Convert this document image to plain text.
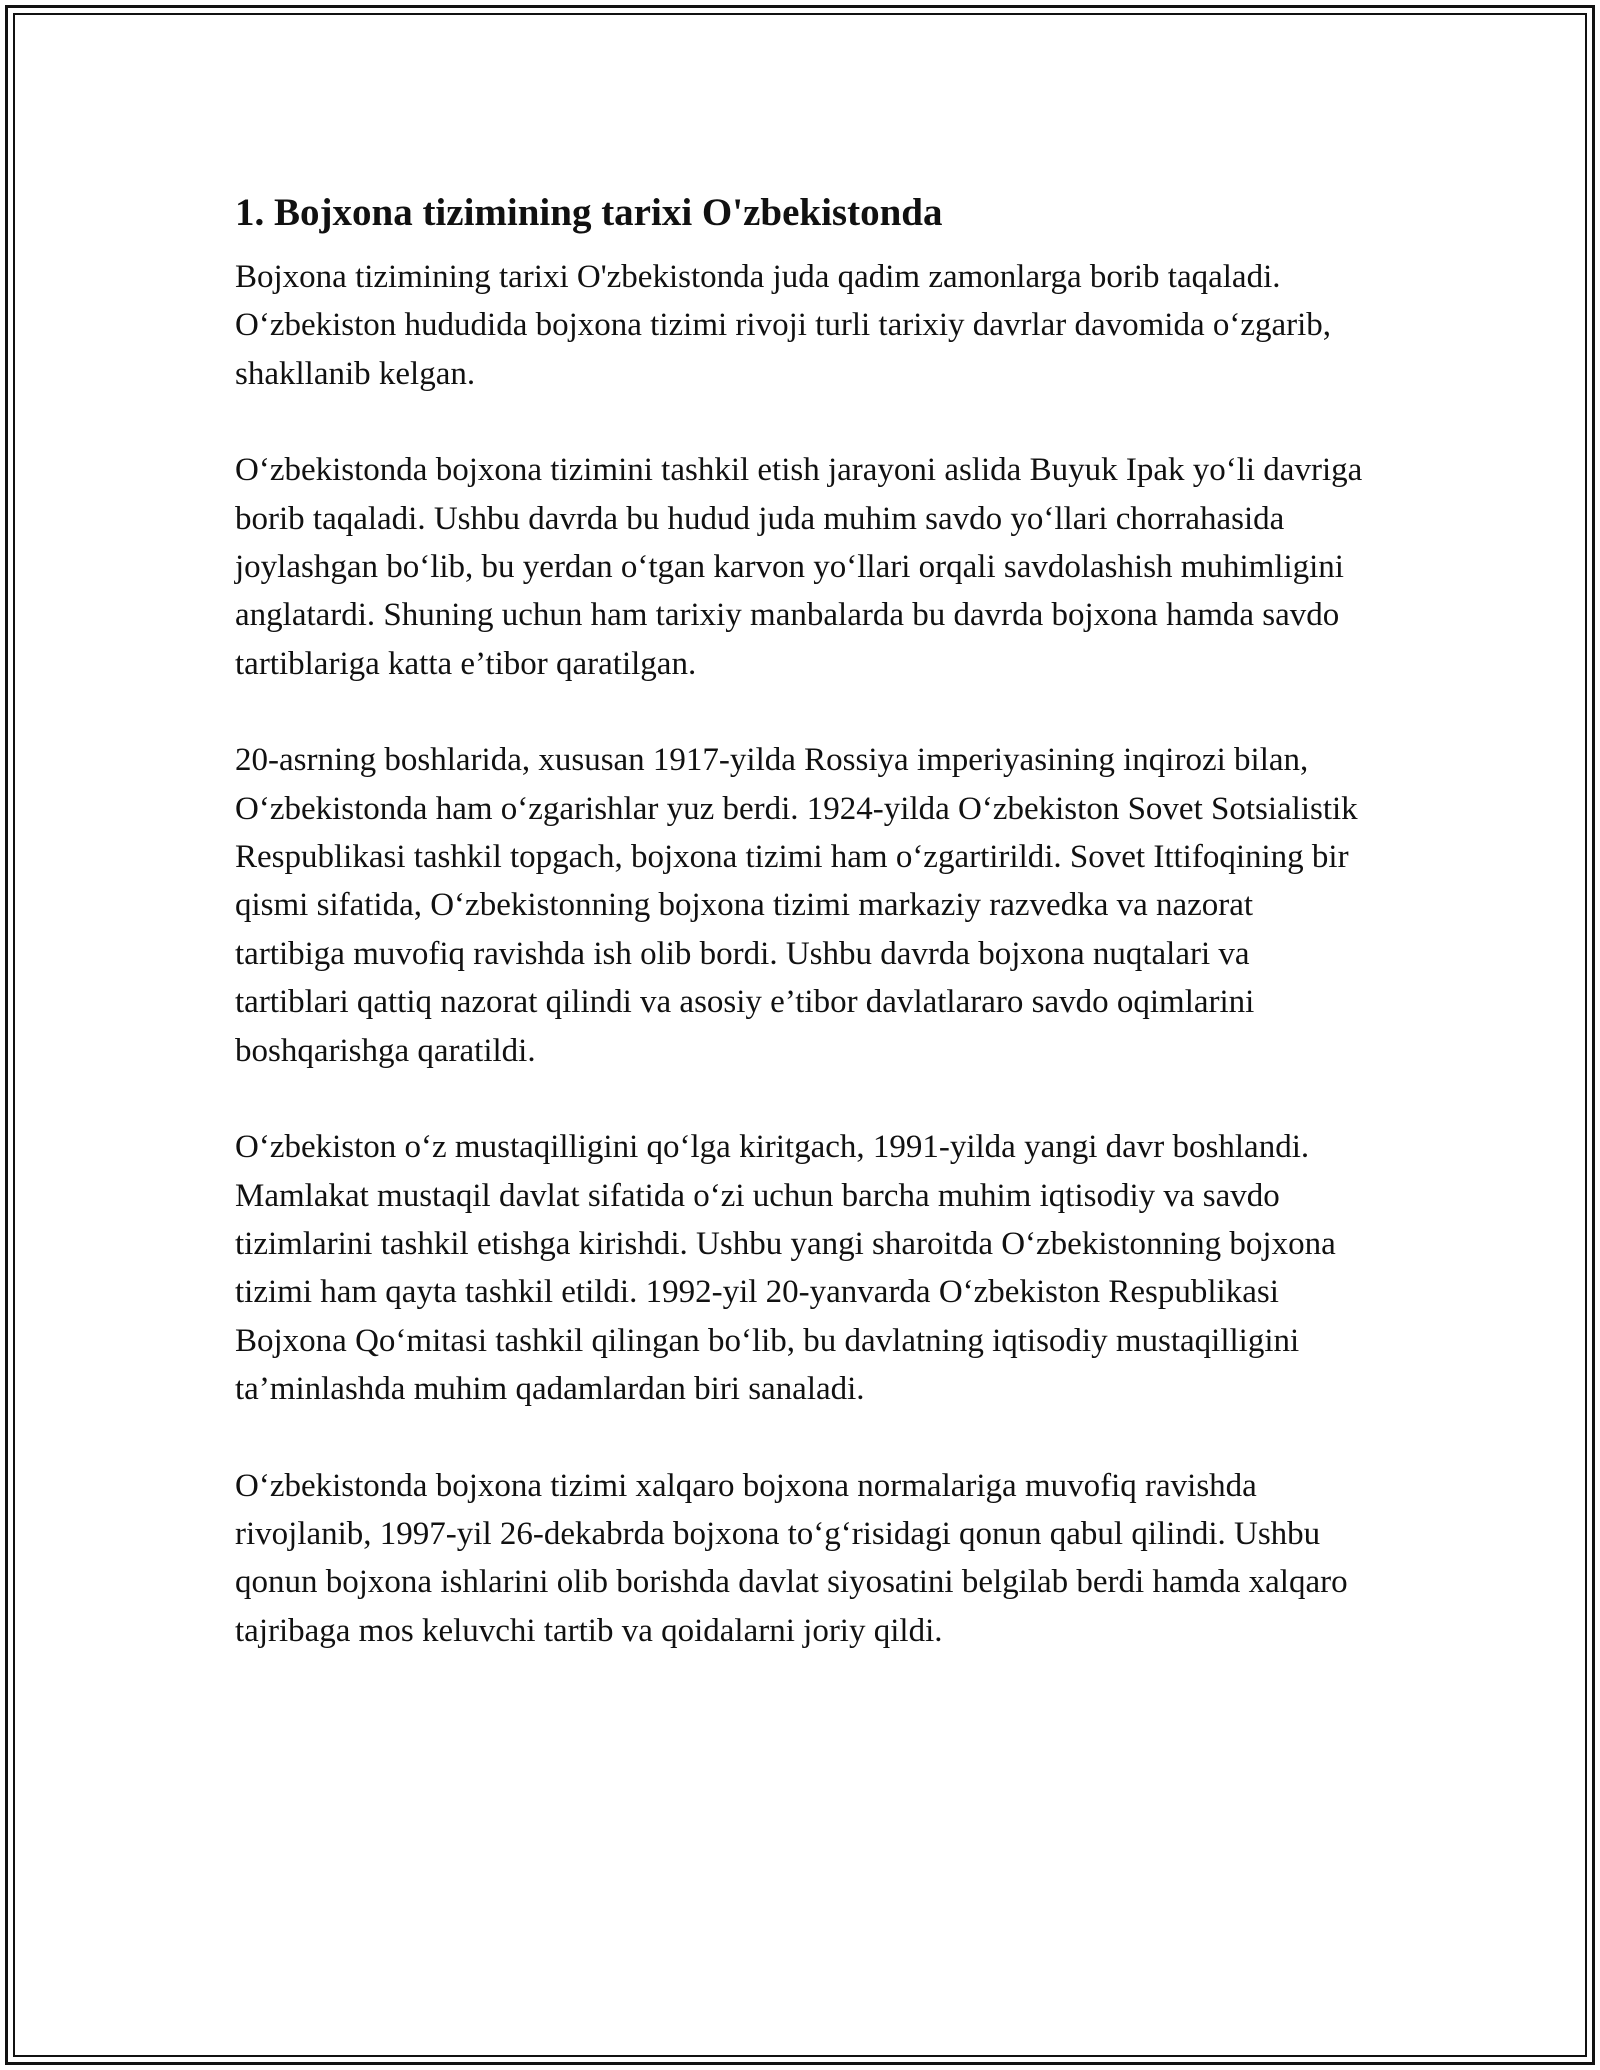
1. Bojxona tizimining tarixi O'zbekistonda

Bojxona tizimining tarixi O'zbekistonda juda qadim zamonlarga borib taqaladi. O‘zbekiston hududida bojxona tizimi rivoji turli tarixiy davrlar davomida o‘zgarib, shakllanib kelgan.

O‘zbekistonda bojxona tizimini tashkil etish jarayoni aslida Buyuk Ipak yo‘li davriga borib taqaladi. Ushbu davrda bu hudud juda muhim savdo yo‘llari chorrahasida joylashgan bo‘lib, bu yerdan o‘tgan karvon yo‘llari orqali savdolashish muhimligini anglatardi. Shuning uchun ham tarixiy manbalarda bu davrda bojxona hamda savdo tartiblariga katta e’tibor qaratilgan.

20-asrning boshlarida, xususan 1917-yilda Rossiya imperiyasining inqirozi bilan, O‘zbekistonda ham o‘zgarishlar yuz berdi. 1924-yilda O‘zbekiston Sovet Sotsialistik Respublikasi tashkil topgach, bojxona tizimi ham o‘zgartirildi. Sovet Ittifoqining bir qismi sifatida, O‘zbekistonning bojxona tizimi markaziy razvedka va nazorat tartibiga muvofiq ravishda ish olib bordi. Ushbu davrda bojxona nuqtalari va tartiblari qattiq nazorat qilindi va asosiy e’tibor davlatlararo savdo oqimlarini boshqarishga qaratildi.

O‘zbekiston o‘z mustaqilligini qo‘lga kiritgach, 1991-yilda yangi davr boshlandi. Mamlakat mustaqil davlat sifatida o‘zi uchun barcha muhim iqtisodiy va savdo tizimlarini tashkil etishga kirishdi. Ushbu yangi sharoitda O‘zbekistonning bojxona tizimi ham qayta tashkil etildi. 1992-yil 20-yanvarda O‘zbekiston Respublikasi Bojxona Qo‘mitasi tashkil qilingan bo‘lib, bu davlatning iqtisodiy mustaqilligini ta’minlashda muhim qadamlardan biri sanaladi.

O‘zbekistonda bojxona tizimi xalqaro bojxona normalariga muvofiq ravishda rivojlanib, 1997-yil 26-dekabrda bojxona to‘g‘risidagi qonun qabul qilindi. Ushbu qonun bojxona ishlarini olib borishda davlat siyosatini belgilab berdi hamda xalqaro tajribaga mos keluvchi tartib va qoidalarni joriy qildi.
